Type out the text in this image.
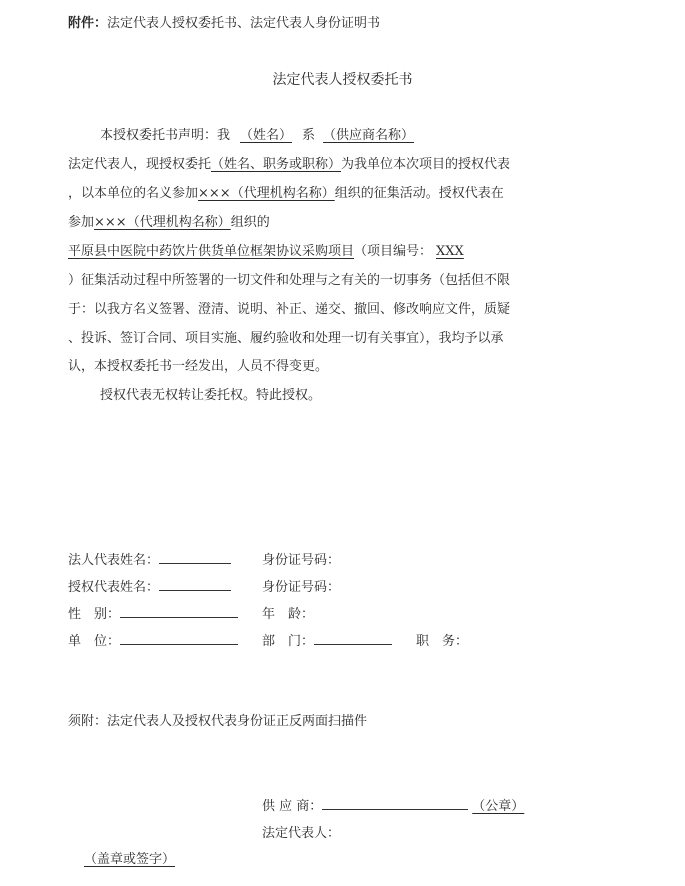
附件：法定代表人授权委托书、法定代表人身份证明书
法定代表人授权委托书
本授权委托书声明：我 （姓名） 系 （供应商名称）
法定代表人，现授权委托（姓名、职务或职称）为我单位本次项目的授权代表
，以本单位的名义参加×××（代理机构名称）组织的征集活动。授权代表在
参加×××（代理机构名称）组织的
平原县中医院中药饮片供货单位框架协议采购项目（项目编号： XXX
）征集活动过程中所签署的一切文件和处理与之有关的一切事务（包括但不限
于：以我方名义签署、澄清、说明、补正、递交、撤回、修改响应文件，质疑
、投诉、签订合同、项目实施、履约验收和处理一切有关事宜），我均予以承
认，本授权委托书一经发出，人员不得变更。
授权代表无权转让委托权。特此授权。
法人代表姓名：	身份证号码：
授权代表姓名：	身份证号码：
性　别：	年　龄：
单　位：	部　门：	职　务：
须附：法定代表人及授权代表身份证正反两面扫描件
供 应 商：	（公章）
法定代表人：
（盖章或签字）
